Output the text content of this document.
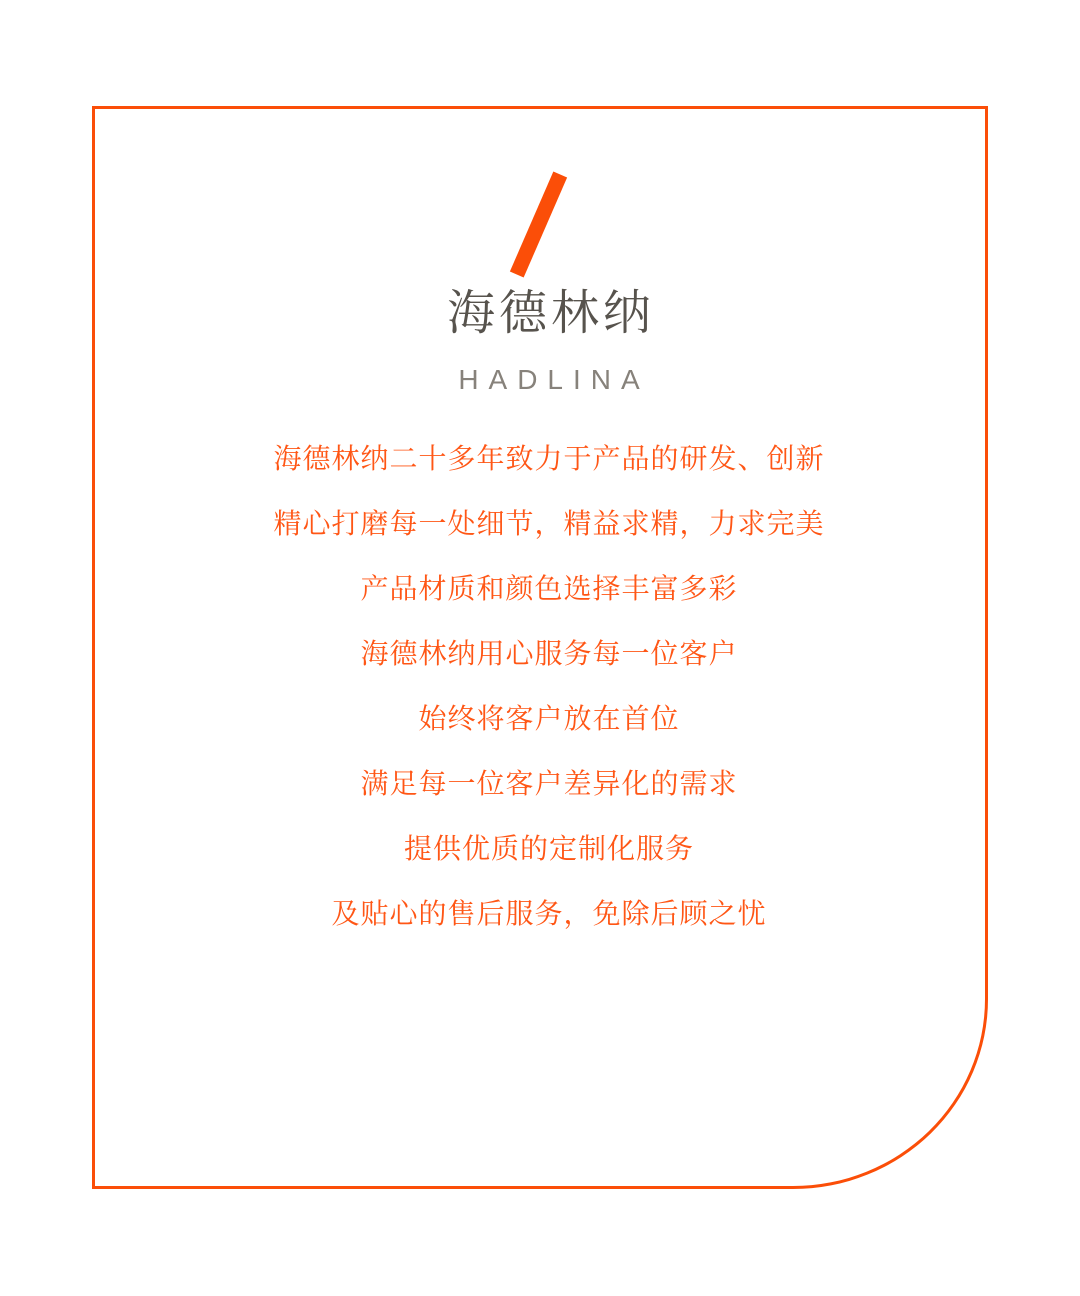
海德林纳
HADLINA

海德林纳二十多年致力于产品的研发、创新

精心打磨每一处细节，精益求精，力求完美

产品材质和颜色选择丰富多彩

海德林纳用心服务每一位客户

始终将客户放在首位

满足每一位客户差异化的需求

提供优质的定制化服务

及贴心的售后服务，免除后顾之忧
